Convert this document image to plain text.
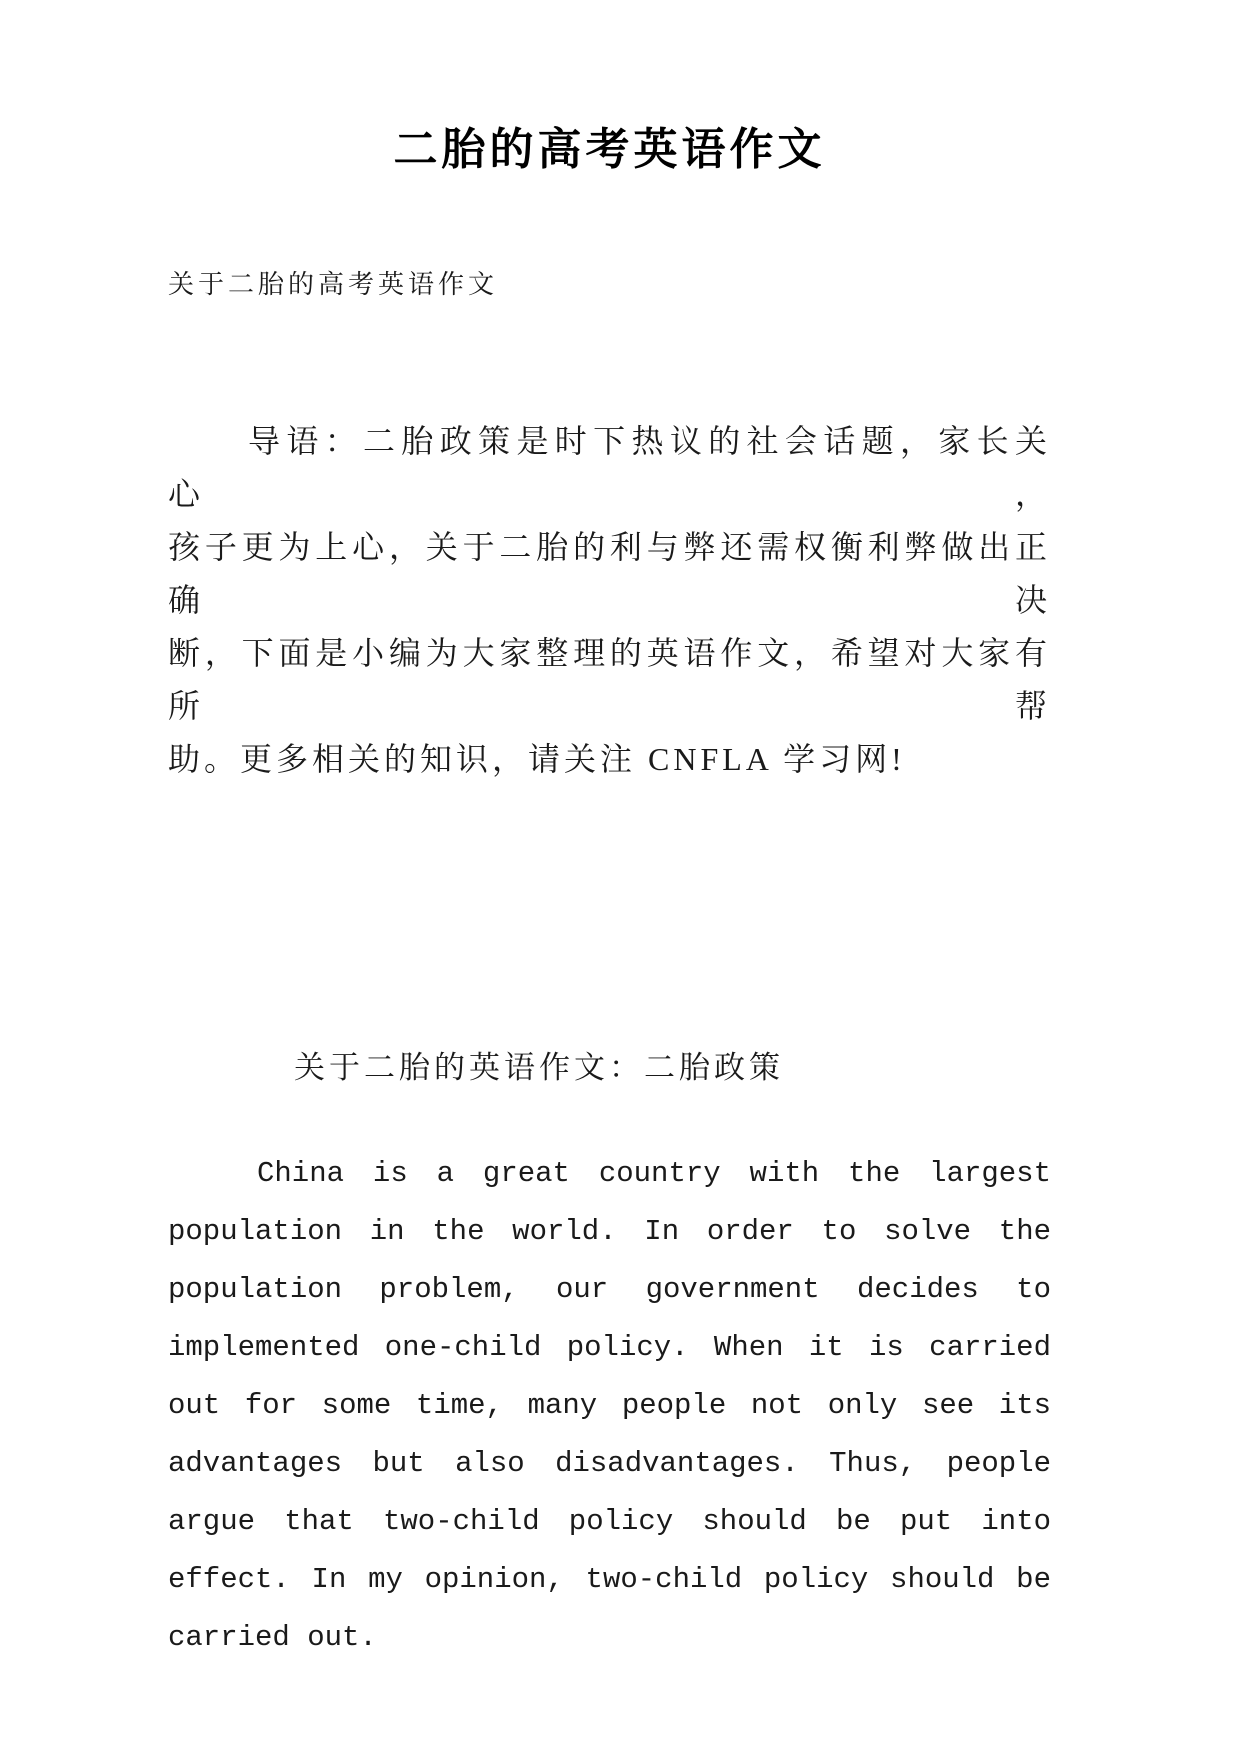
二胎的高考英语作文
关于二胎的高考英语作文
导语：二胎政策是时下热议的社会话题，家长关心，
孩子更为上心，关于二胎的利与弊还需权衡利弊做出正确决
断，下面是小编为大家整理的英语作文，希望对大家有所帮
助。更多相关的知识，请关注 CNFLA 学习网!
关于二胎的英语作文：二胎政策
China is a great country with the largest
population in the world. In order to solve the
population problem, our government decides to
implemented one-child policy. When it is carried
out for some time, many people not only see its
advantages but also disadvantages. Thus, people
argue that two-child policy should be put into
effect. In my opinion, two-child policy should be
carried out.
